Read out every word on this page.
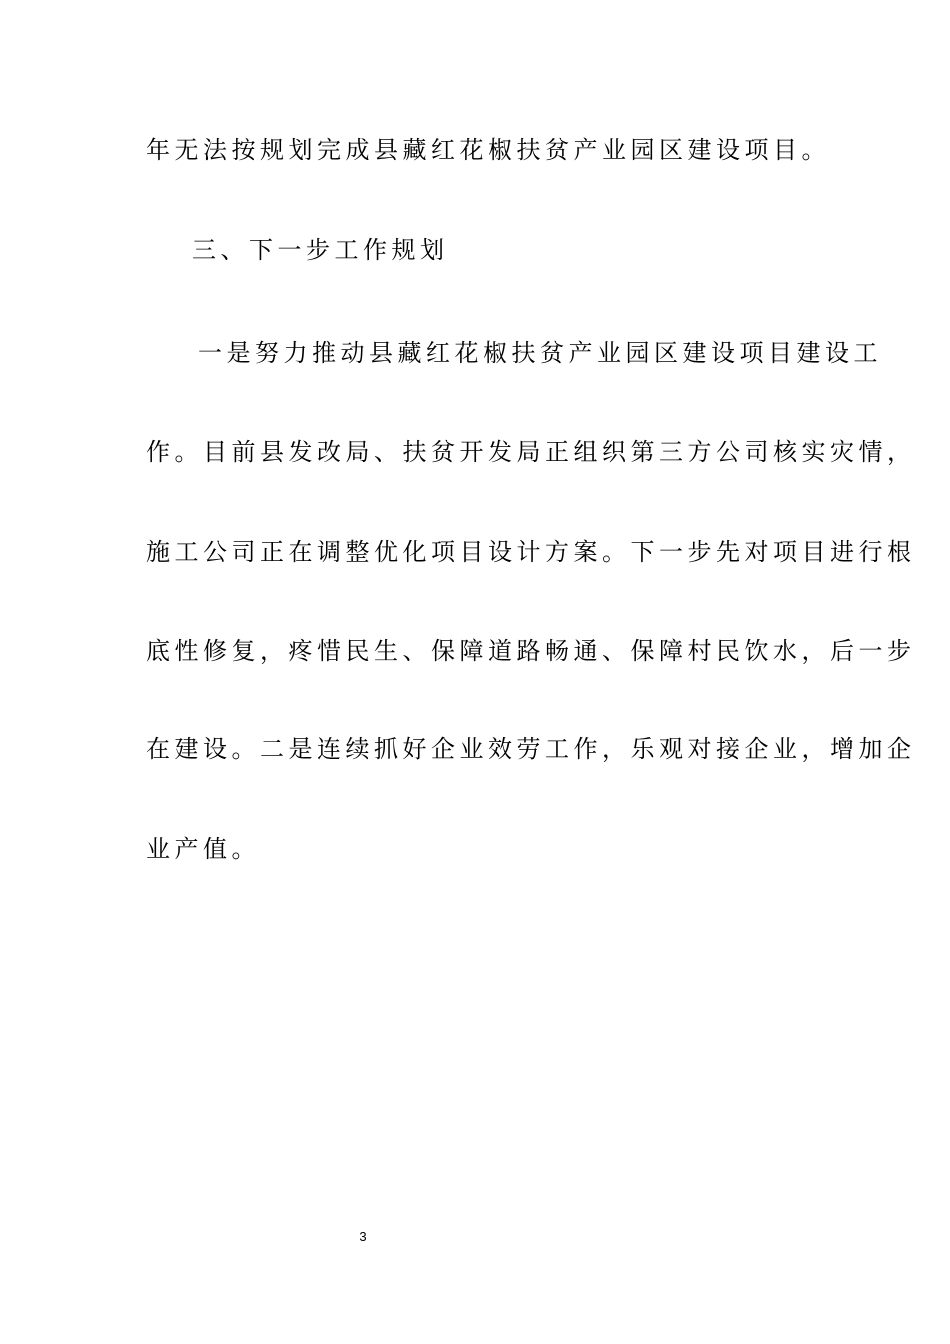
年无法按规划完成县藏红花椒扶贫产业园区建设项目。
三、下一步工作规划
一是努力推动县藏红花椒扶贫产业园区建设项目建设工
作。目前县发改局、扶贫开发局正组织第三方公司核实灾情，
施工公司正在调整优化项目设计方案。下一步先对项目进行根
底性修复，疼惜民生、保障道路畅通、保障村民饮水，后一步
在建设。二是连续抓好企业效劳工作，乐观对接企业，增加企
业产值。
3
